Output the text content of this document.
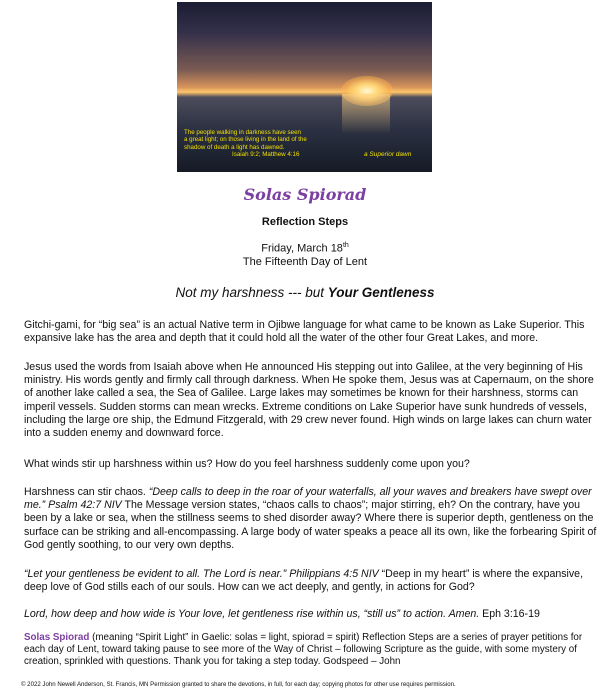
The people walking in darkness have seen
a great light; on those living in the land of the
shadow of death a light has dawned.
Isaiah 9:2; Matthew 4:16	a Superior dawn
Solas Spiorad
Reflection Steps
Friday, March 18th
The Fifteenth Day of Lent
Not my harshness --- but Your Gentleness

Gitchi-gami, for “big sea” is an actual Native term in Ojibwe language for what came to be known as Lake Superior. This expansive lake has the area and depth that it could hold all the water of the other four Great Lakes, and more.

Jesus used the words from Isaiah above when He announced His stepping out into Galilee, at the very beginning of His ministry. His words gently and firmly call through darkness. When He spoke them, Jesus was at Capernaum, on the shore of another lake called a sea, the Sea of Galilee. Large lakes may sometimes be known for their harshness, storms can imperil vessels. Sudden storms can mean wrecks. Extreme conditions on Lake Superior have sunk hundreds of vessels, including the large ore ship, the Edmund Fitzgerald, with 29 crew never found. High winds on large lakes can churn water into a sudden enemy and downward force.

What winds stir up harshness within us? How do you feel harshness suddenly come upon you?

Harshness can stir chaos. “Deep calls to deep in the roar of your waterfalls, all your waves and breakers have swept over me.” Psalm 42:7 NIV The Message version states, “chaos calls to chaos”; major stirring, eh? On the contrary, have you been by a lake or sea, when the stillness seems to shed disorder away? Where there is superior depth, gentleness on the surface can be striking and all-encompassing. A large body of water speaks a peace all its own, like the forbearing Spirit of God gently soothing, to our very own depths.

“Let your gentleness be evident to all. The Lord is near.” Philippians 4:5 NIV “Deep in my heart” is where the expansive, deep love of God stills each of our souls. How can we act deeply, and gently, in actions for God?

Lord, how deep and how wide is Your love, let gentleness rise within us, “still us” to action. Amen. Eph 3:16-19

Solas Spiorad (meaning “Spirit Light” in Gaelic: solas = light, spiorad = spirit) Reflection Steps are a series of prayer petitions for each day of Lent, toward taking pause to see more of the Way of Christ – following Scripture as the guide, with some mystery of creation, sprinkled with questions. Thank you for taking a step today. Godspeed – John

© 2022 John Newell Anderson, St. Francis, MN Permission granted to share the devotions, in full, for each day; copying photos for other use requires permission.
